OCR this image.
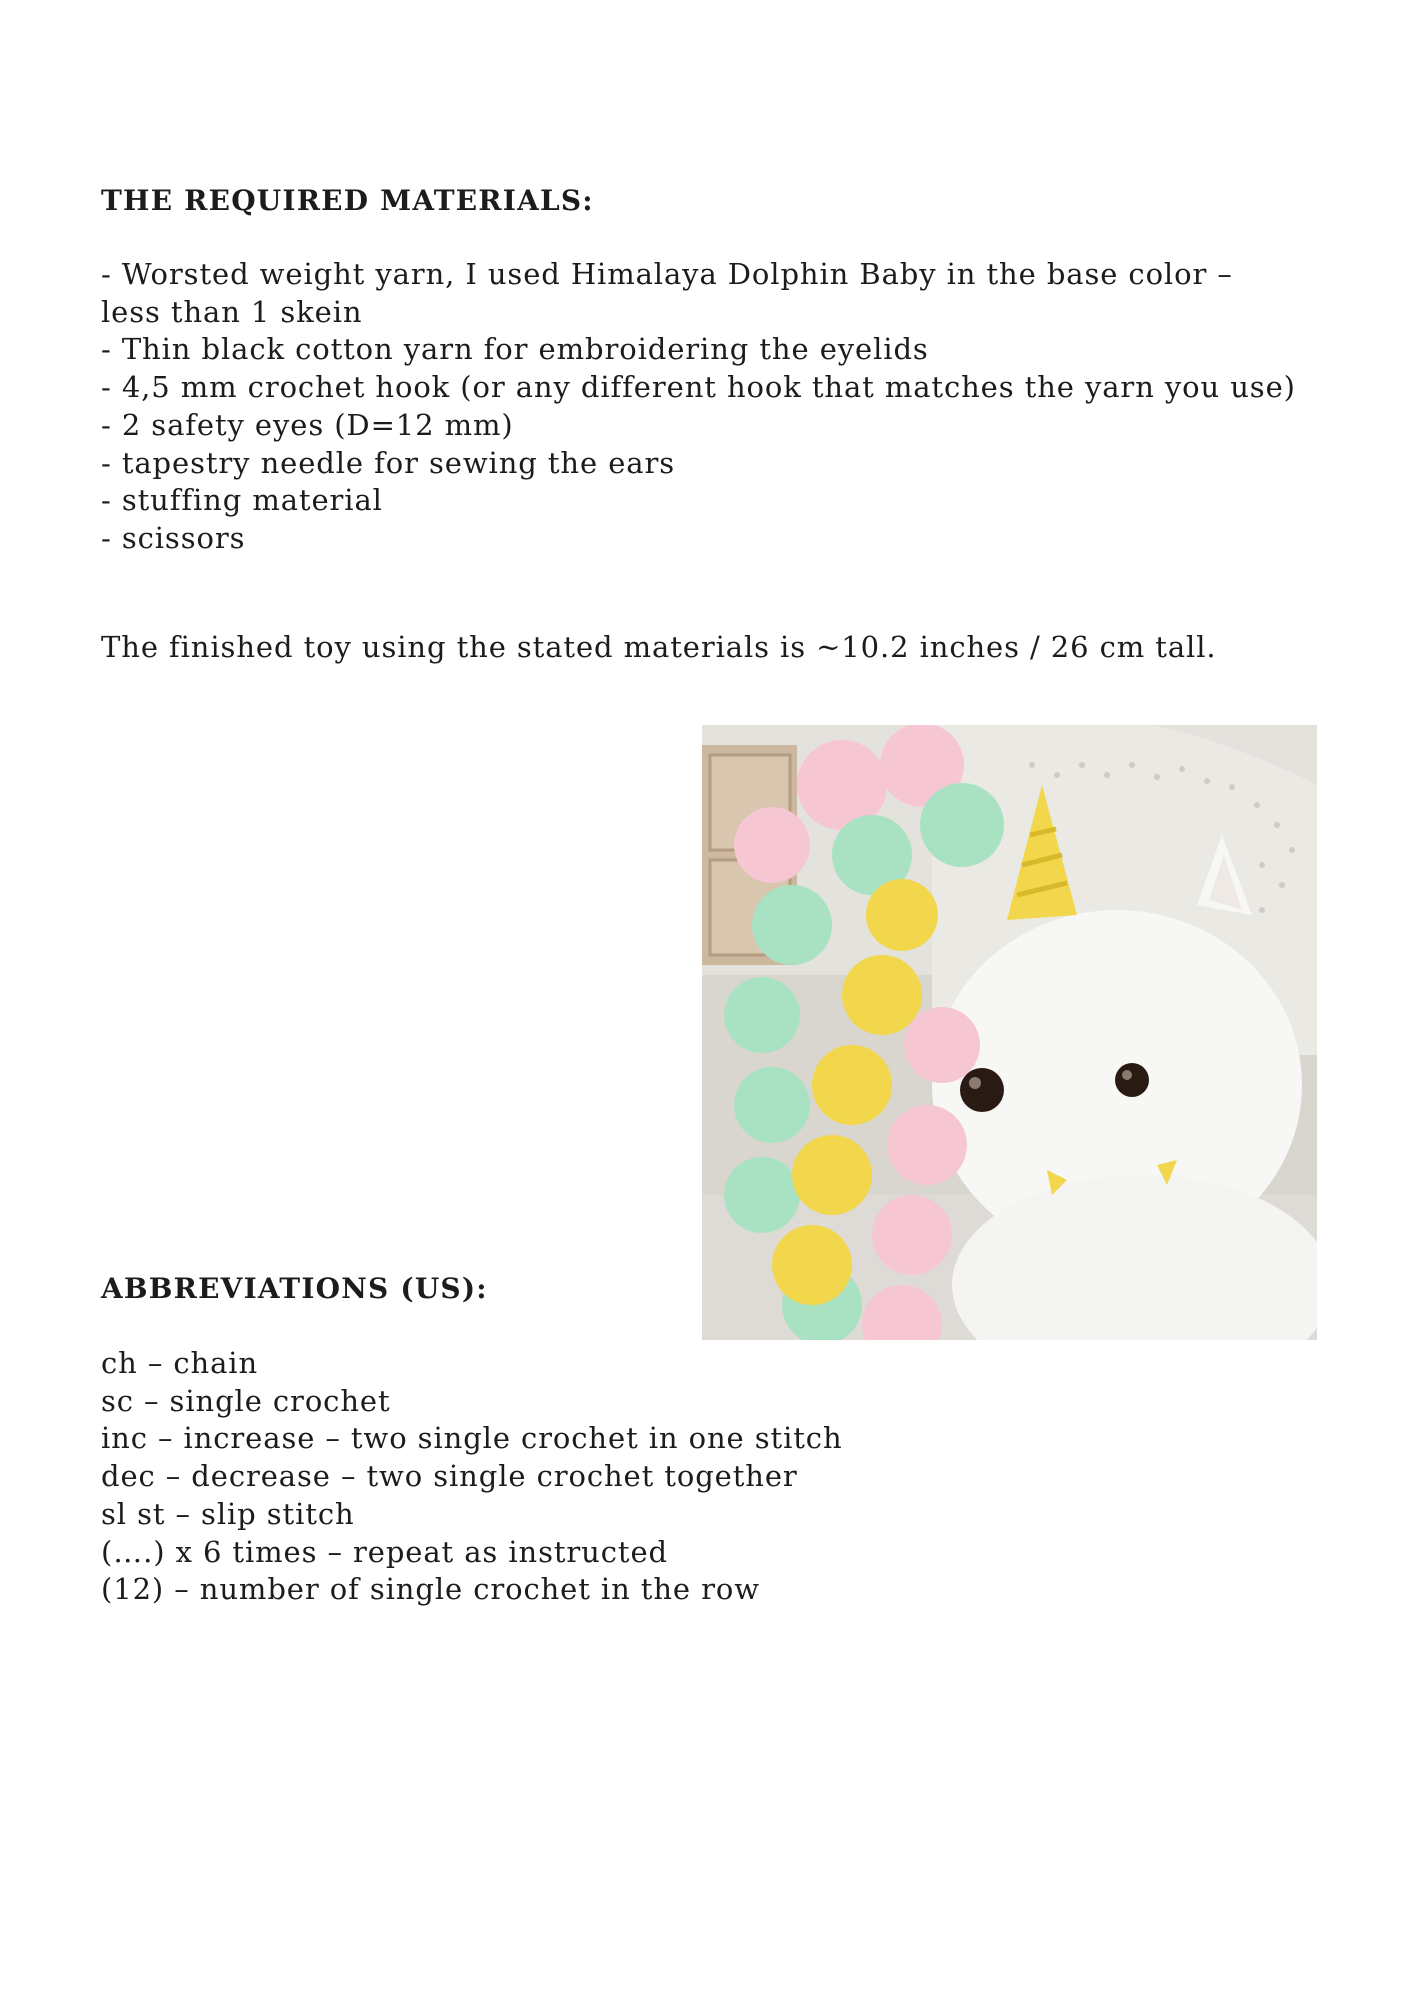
THE REQUIRED MATERIALS:
- Worsted weight yarn, I used Himalaya Dolphin Baby in the base color –
less than 1 skein
- Thin black cotton yarn for embroidering the eyelids
- 4,5 mm crochet hook (or any different hook that matches the yarn you use)
- 2 safety eyes (D=12 mm)
- tapestry needle for sewing the ears
- stuffing material
- scissors

The finished toy using the stated materials is ~10.2 inches / 26 cm tall.

ABBREVIATIONS (US):
ch – chain
sc – single crochet
inc – increase – two single crochet in one stitch
dec – decrease – two single crochet together
sl st – slip stitch
(….) x 6 times – repeat as instructed
(12) – number of single crochet in the row
